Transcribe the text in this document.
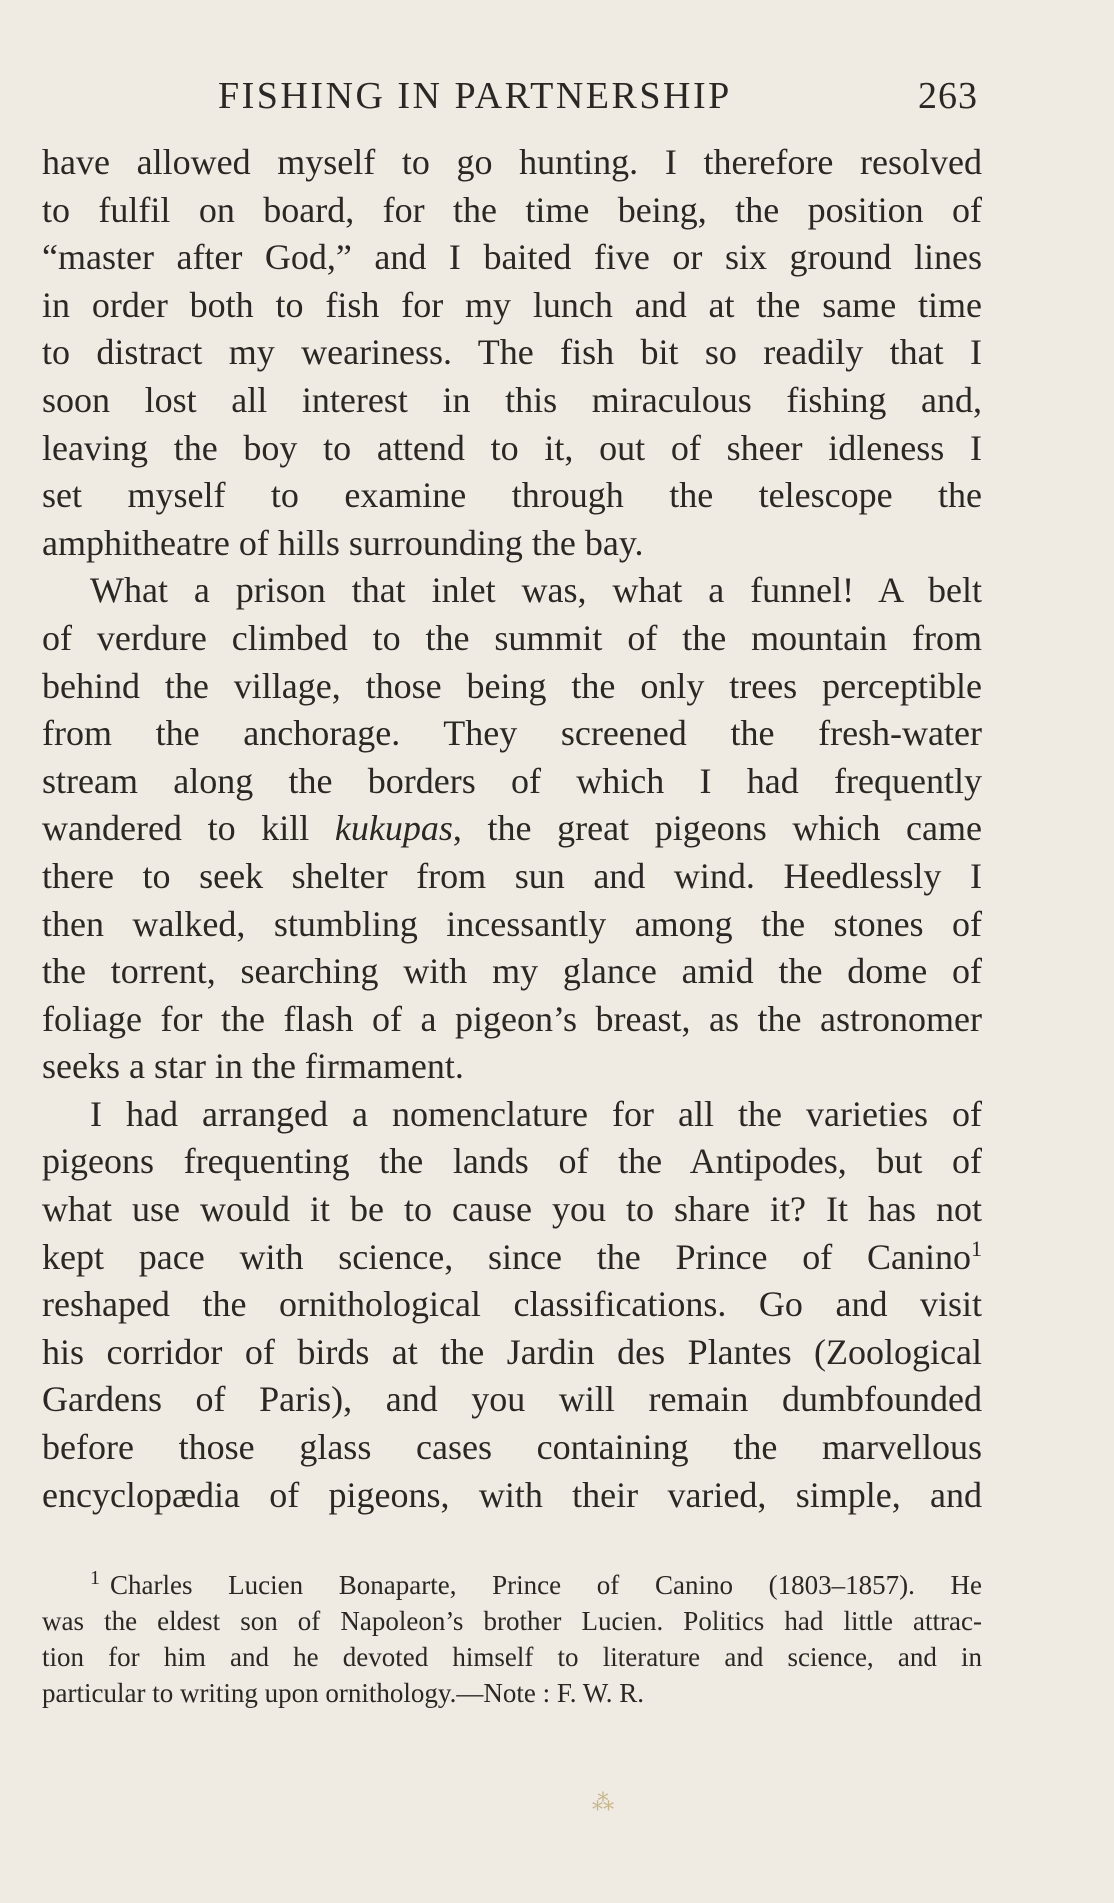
FISHING IN PARTNERSHIP	263
have allowed myself to go hunting. I therefore resolved
to fulfil on board, for the time being, the position of
“master after God,” and I baited five or six ground lines
in order both to fish for my lunch and at the same time
to distract my weariness. The fish bit so readily that I
soon lost all interest in this miraculous fishing and,
leaving the boy to attend to it, out of sheer idleness I
set myself to examine through the telescope the
amphitheatre of hills surrounding the bay.
What a prison that inlet was, what a funnel! A belt
of verdure climbed to the summit of the mountain from
behind the village, those being the only trees perceptible
from the anchorage. They screened the fresh-water
stream along the borders of which I had frequently
wandered to kill kukupas, the great pigeons which came
there to seek shelter from sun and wind. Heedlessly I
then walked, stumbling incessantly among the stones of
the torrent, searching with my glance amid the dome of
foliage for the flash of a pigeon’s breast, as the astronomer
seeks a star in the firmament.
I had arranged a nomenclature for all the varieties of
pigeons frequenting the lands of the Antipodes, but of
what use would it be to cause you to share it? It has not
kept pace with science, since the Prince of Canino$^1$
reshaped the ornithological classifications. Go and visit
his corridor of birds at the Jardin des Plantes (Zoological
Gardens of Paris), and you will remain dumbfounded
before those glass cases containing the marvellous
encyclopædia of pigeons, with their varied, simple, and
$^1$ Charles Lucien Bonaparte, Prince of Canino (1803–1857). He
was the eldest son of Napoleon’s brother Lucien. Politics had little attrac-
tion for him and he devoted himself to literature and science, and in
particular to writing upon ornithology.—Note : F. W. R.
⁂
